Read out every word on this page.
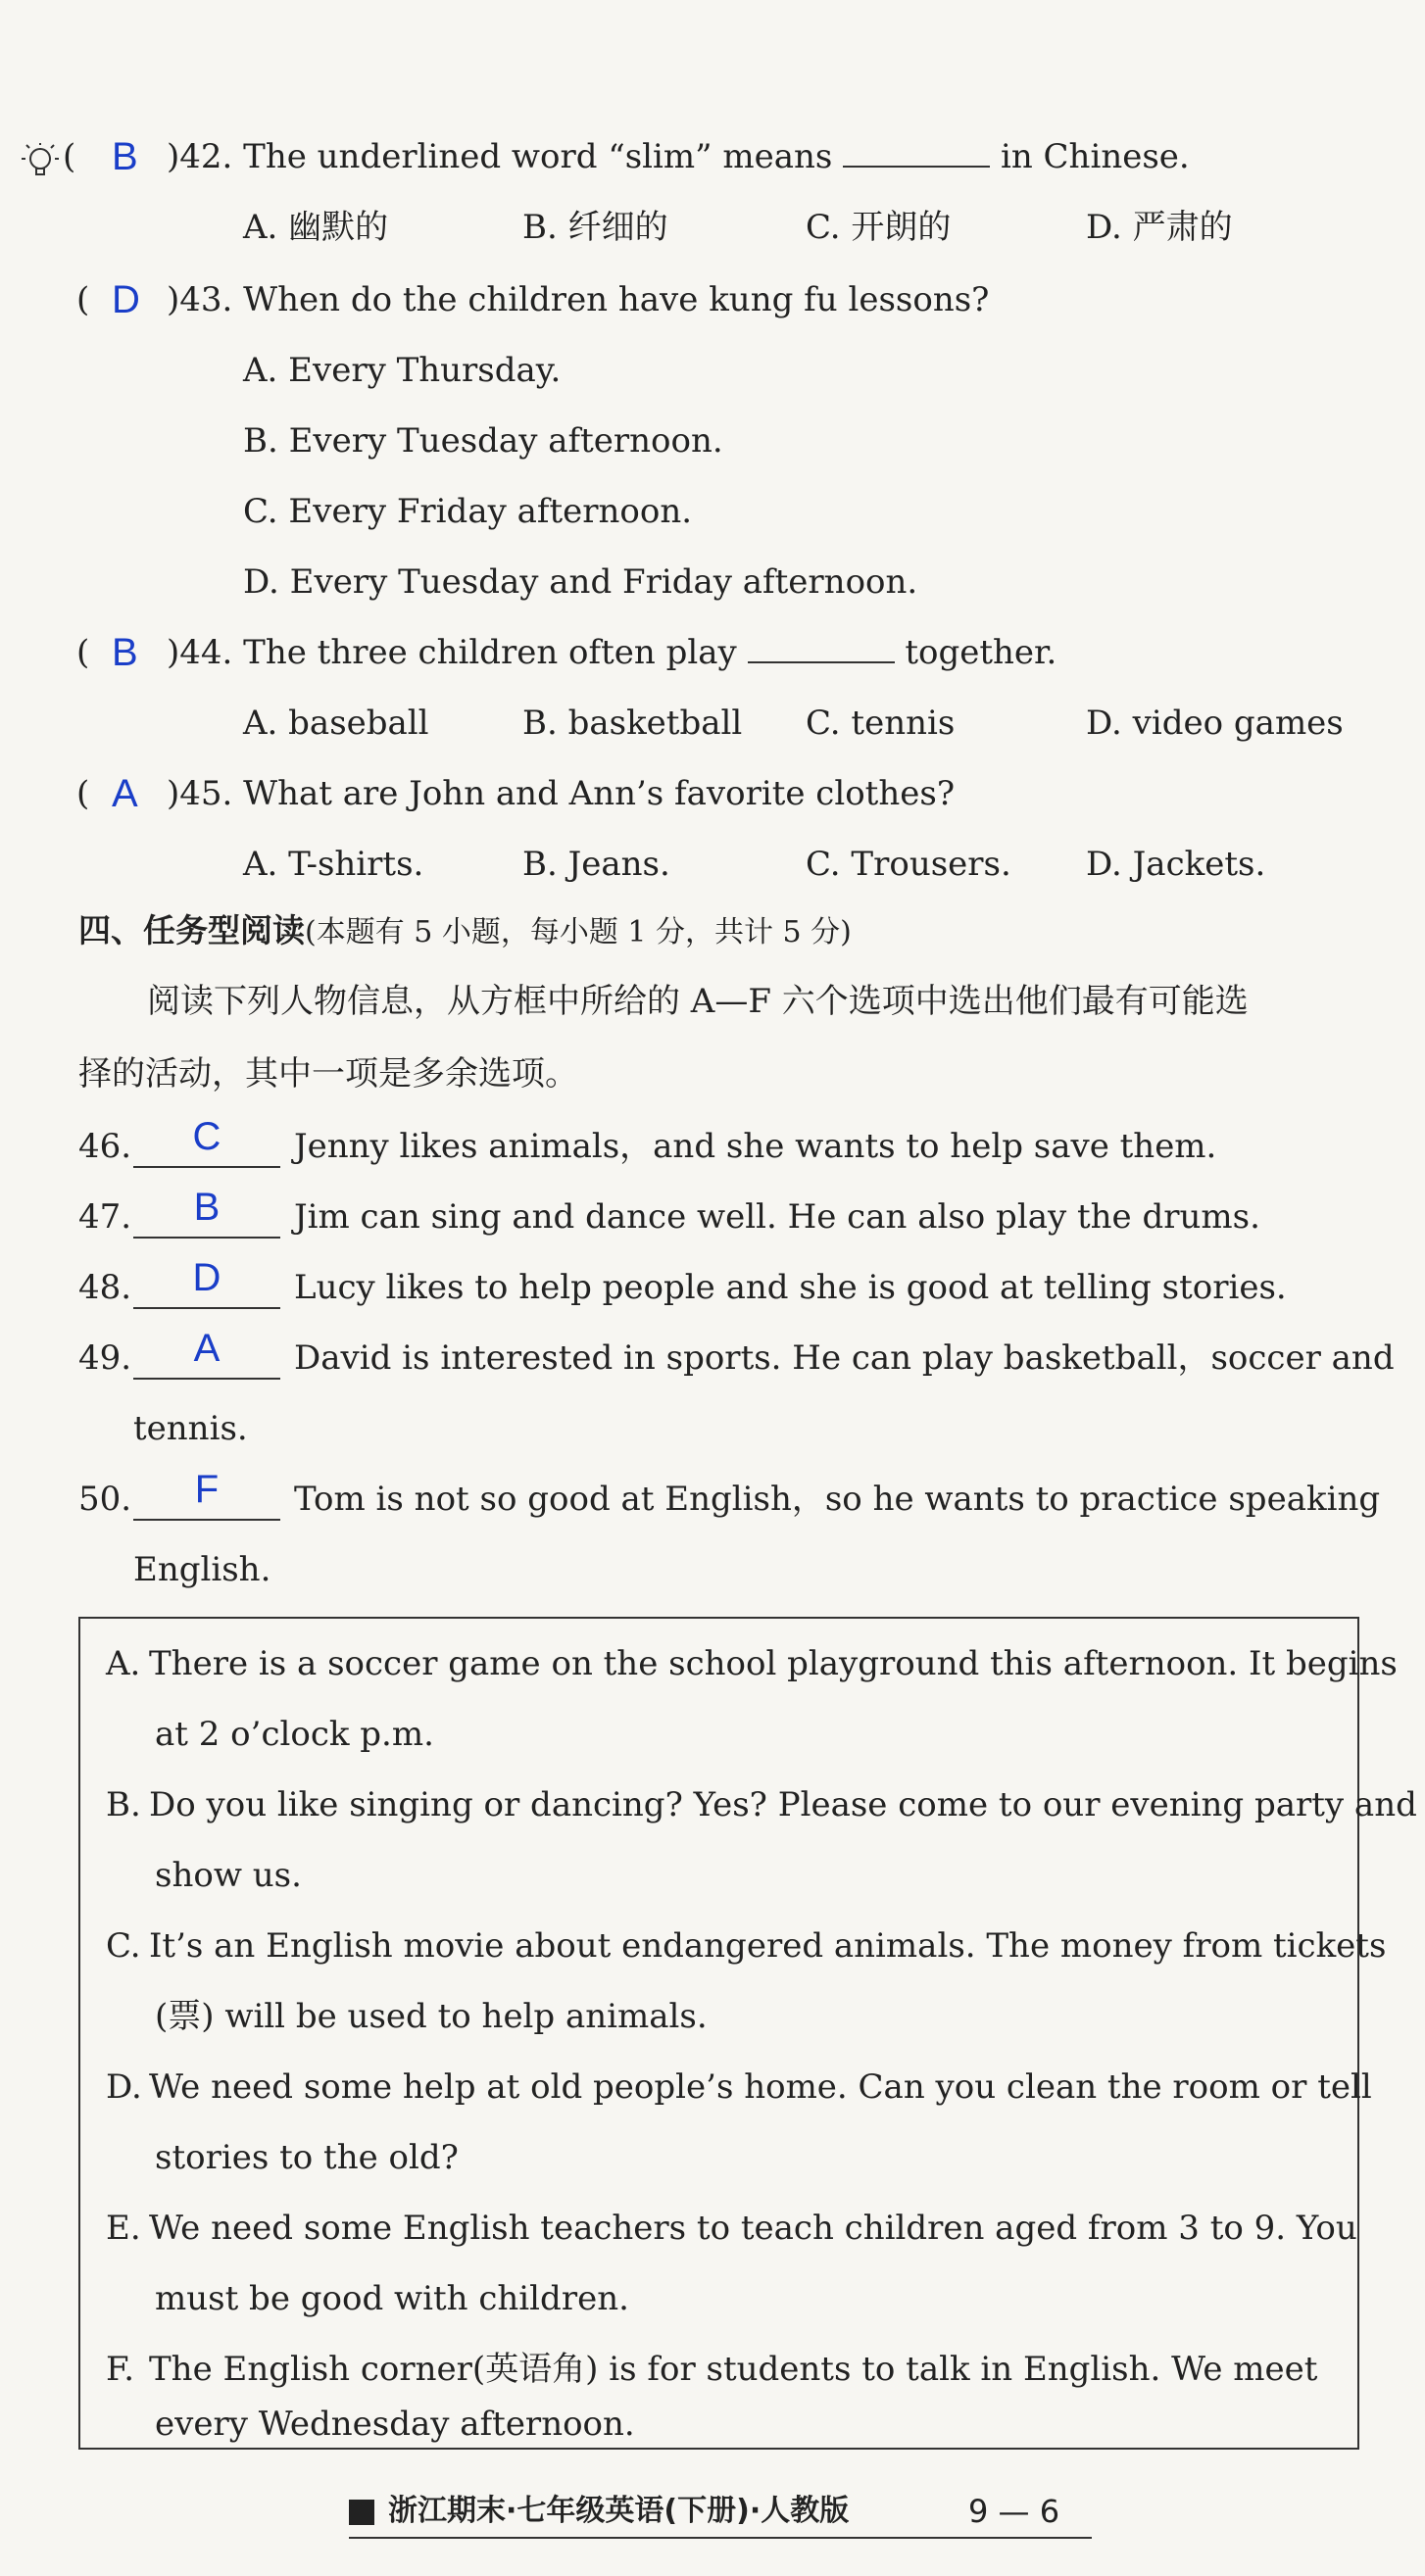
( B )42. The underlined word “slim” means	in Chinese.
A. 幽默的	B. 纤细的	C. 开朗的	D. 严肃的
( D )43. When do the children have kung fu lessons?
A. Every Thursday.
B. Every Tuesday afternoon.
C. Every Friday afternoon.
D. Every Tuesday and Friday afternoon.
( B )44. The three children often play	together.
A. baseball	B. basketball C. tennis	D. video games
( A )45. What are John and Ann’s favorite clothes?
A. T-shirts.	B. Jeans.	C. Trousers. D. Jackets.
四、任务型阅读(本题有 5 小题，每小题 1 分，共计 5 分)
阅读下列人物信息，从方框中所给的 A—F 六个选项中选出他们最有可能选
择的活动，其中一项是多余选项。
46.	C	Jenny likes animals，and she wants to help save them.
47.	B	Jim can sing and dance well. He can also play the drums.
48.	D	Lucy likes to help people and she is good at telling stories.
49.	A	David is interested in sports. He can play basketball，soccer and
tennis.
50.	F	Tom is not so good at English，so he wants to practice speaking
English.
A. There is a soccer game on the school playground this afternoon. It begins
at 2 o’clock p.m.
B. Do you like singing or dancing? Yes? Please come to our evening party and
show us.
C. It’s an English movie about endangered animals. The money from tickets
(票) will be used to help animals.
D. We need some help at old people’s home. Can you clean the room or tell
stories to the old?
E. We need some English teachers to teach children aged from 3 to 9. You
must be good with children.
F. The English corner(英语角) is for students to talk in English. We meet
every Wednesday afternoon.
浙江期末·七年级英语(下册)·人教版	9 — 6
